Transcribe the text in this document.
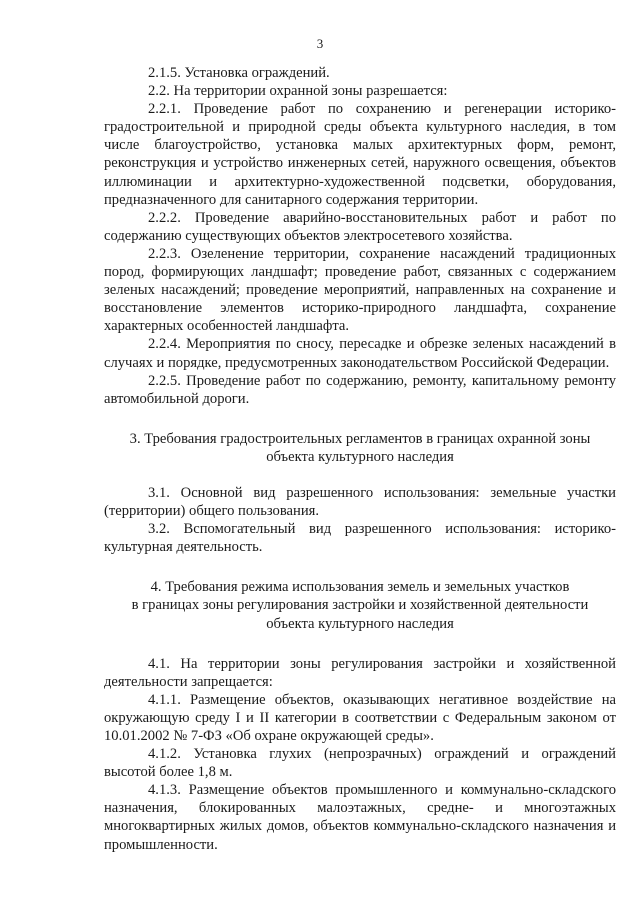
3

2.1.5. Установка ограждений.

2.2. На территории охранной зоны разрешается:

2.2.1. Проведение работ по сохранению и регенерации историко-градостроительной и природной среды объекта культурного наследия, в том числе благоустройство, установка малых архитектурных форм, ремонт, реконструкция и устройство инженерных сетей, наружного освещения, объектов иллюминации и архитектурно-художественной подсветки, оборудования, предназначенного для санитарного содержания территории.

2.2.2. Проведение аварийно-восстановительных работ и работ по содержанию существующих объектов электросетевого хозяйства.

2.2.3. Озеленение территории, сохранение насаждений традиционных пород, формирующих ландшафт; проведение работ, связанных с содержанием зеленых насаждений; проведение мероприятий, направленных на сохранение и восстановление элементов историко-природного ландшафта, сохранение характерных особенностей ландшафта.

2.2.4. Мероприятия по сносу, пересадке и обрезке зеленых насаждений в случаях и порядке, предусмотренных законодательством Российской Федерации.

2.2.5. Проведение работ по содержанию, ремонту, капитальному ремонту автомобильной дороги.

3. Требования градостроительных регламентов в границах охранной зоны

объекта культурного наследия

3.1. Основной вид разрешенного использования: земельные участки (территории) общего пользования.

3.2. Вспомогательный вид разрешенного использования: историко-культурная деятельность.

4. Требования режима использования земель и земельных участков

в границах зоны регулирования застройки и хозяйственной деятельности

объекта культурного наследия

4.1. На территории зоны регулирования застройки и хозяйственной деятельности запрещается:

4.1.1. Размещение объектов, оказывающих негативное воздействие на окружающую среду I и II категории в соответствии с Федеральным законом от 10.01.2002 № 7-ФЗ «Об охране окружающей среды».

4.1.2. Установка глухих (непрозрачных) ограждений и ограждений высотой более 1,8 м.

4.1.3. Размещение объектов промышленного и коммунально-складского назначения, блокированных малоэтажных, средне- и многоэтажных многоквартирных жилых домов, объектов коммунально-складского назначения и промышленности.
